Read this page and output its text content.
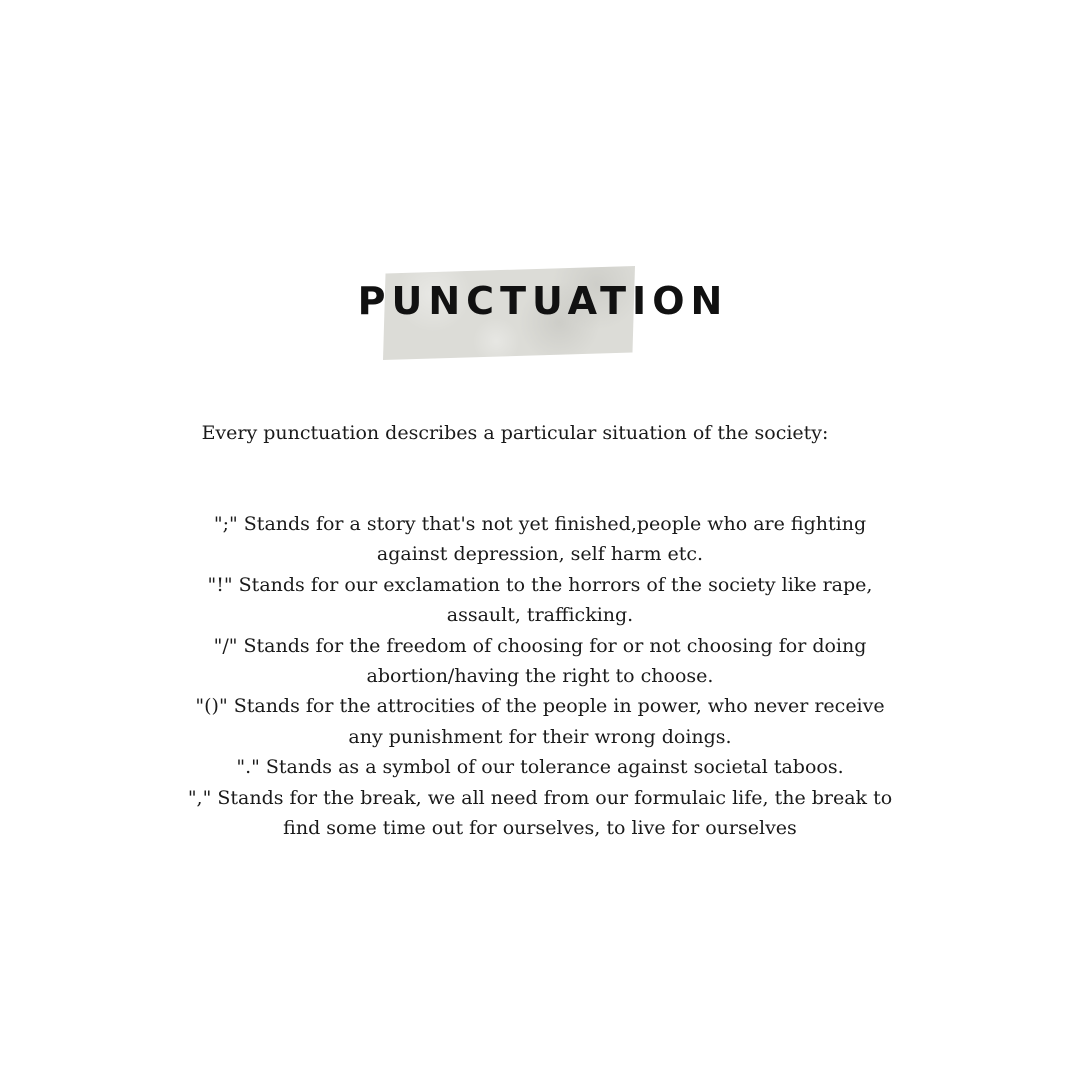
PUNCTUATION

Every punctuation describes a particular situation of the society:

";" Stands for a story that's not yet finished,people who are fighting against depression, self harm etc.

"!" Stands for our exclamation to the horrors of the society like rape, assault, trafficking.

"/" Stands for the freedom of choosing for or not choosing for doing abortion/having the right to choose.

"()" Stands for the attrocities of the people in power, who never receive any punishment for their wrong doings.

"." Stands as a symbol of our tolerance against societal taboos.

"," Stands for the break, we all need from our formulaic life, the break to find some time out for ourselves, to live for ourselves
